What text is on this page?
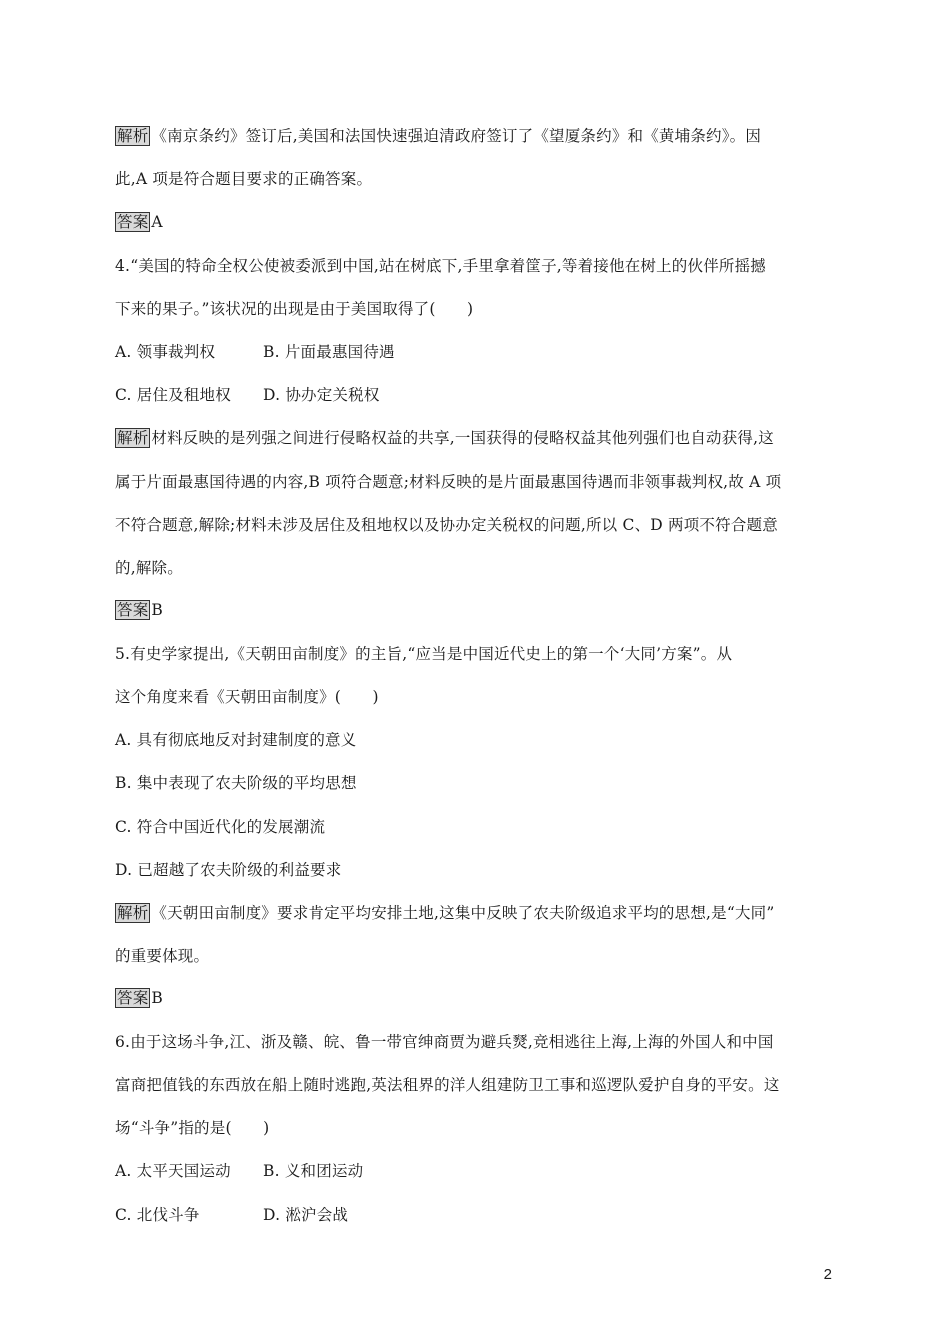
解析 《南京条约》签订后,美国和法国快速强迫清政府签订了《望厦条约》和《黄埔条约》。因
此,A 项是符合题目要求的正确答案。
答案 A
4.“美国的特命全权公使被委派到中国,站在树底下,手里拿着筐子,等着接他在树上的伙伴所摇撼
下来的果子。”该状况的出现是由于美国取得了(　　)
A. 领事裁判权	B. 片面最惠国待遇
C. 居住及租地权 D. 协办定关税权
解析 材料反映的是列强之间进行侵略权益的共享,一国获得的侵略权益其他列强们也自动获得,这
属于片面最惠国待遇的内容,B 项符合题意;材料反映的是片面最惠国待遇而非领事裁判权,故 A 项
不符合题意,解除;材料未涉及居住及租地权以及协办定关税权的问题,所以 C、D 两项不符合题意
的,解除。
答案 B
5.有史学家提出,《天朝田亩制度》的主旨,“应当是中国近代史上的第一个‘大同’方案”。从
这个角度来看《天朝田亩制度》(　　)
A. 具有彻底地反对封建制度的意义
B. 集中表现了农夫阶级的平均思想
C. 符合中国近代化的发展潮流
D. 已超越了农夫阶级的利益要求
解析 《天朝田亩制度》要求肯定平均安排土地,这集中反映了农夫阶级追求平均的思想,是“大同”
的重要体现。
答案 B
6.由于这场斗争,江、浙及赣、皖、鲁一带官绅商贾为避兵燹,竞相逃往上海,上海的外国人和中国
富商把值钱的东西放在船上随时逃跑,英法租界的洋人组建防卫工事和巡逻队爱护自身的平安。这
场“斗争”指的是(　　)
A. 太平天国运动 B. 义和团运动
C. 北伐斗争	D. 淞沪会战
2
